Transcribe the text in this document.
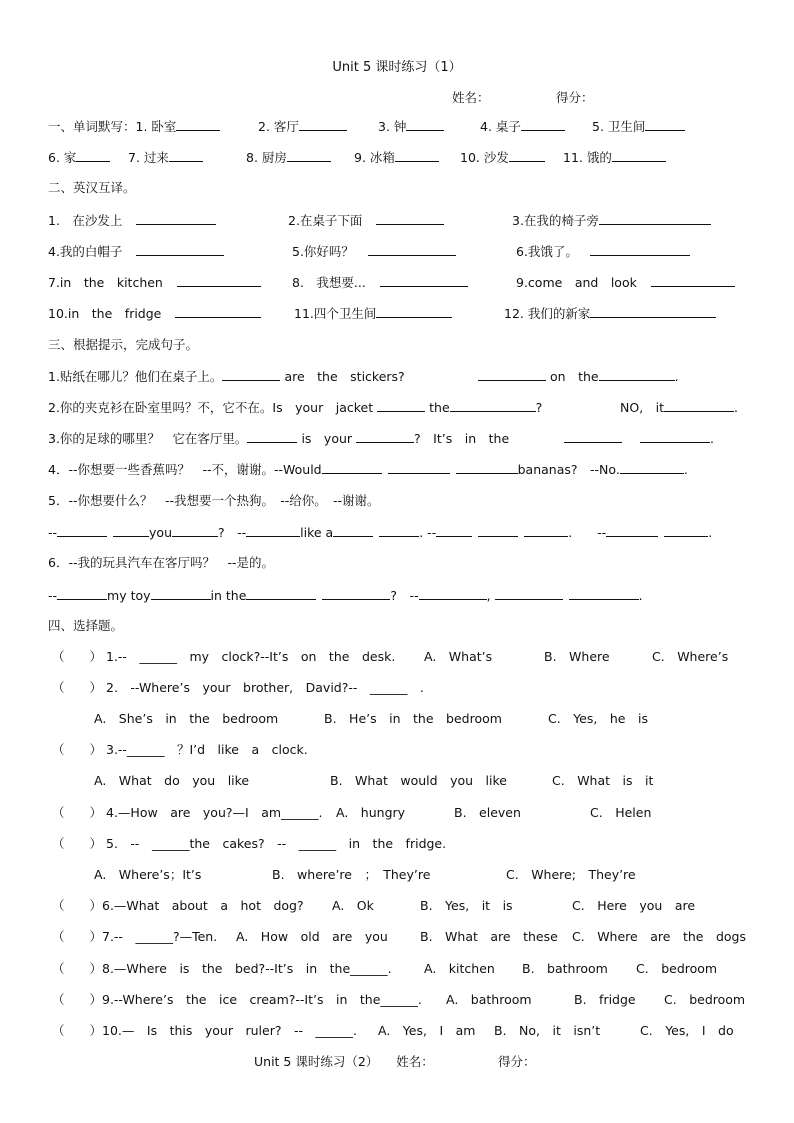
Unit 5 课时练习（1）
姓名：	得分：
一、单词默写：1. 卧室	2. 客厅	3. 钟	4. 桌子	5. 卫生间
6. 家	7. 过来	8. 厨房	9. 冰箱	10. 沙发	11. 饿的
二、英汉互译。
1.　在沙发上	2.在桌子下面	3.在我的椅子旁
4.我的白帽子	5.你好吗？	6.我饿了。
7.in　the　kitchen	8.　我想要...	9.come　and　look
10.in　the　fridge	11.四个卫生间	12. 我们的新家
三、根据提示，完成句子。
1.贴纸在哪儿？他们在桌子上。	are　the　stickers?	on　the	.
2.你的夹克衫在卧室里吗？不，它不在。Is　your　jacket	the	?	NO,　it	.
3.你的足球的哪里？　它在客厅里。	is　your	?　It’s　in　the	.
4．--你想要一些香蕉吗？　--不，谢谢。--Would	bananas?　--No.	.
5．--你想要什么？　--我想要一个热狗。　--给你。　--谢谢。
--	you	?　--	like a	. --	.　　--	.
6．--我的玩具汽车在客厅吗？　--是的。
--	my toy	in the	?　--	,	.
四、选择题。
（　　） 1.--　______　my　clock?--It’s　on　the　desk. A.　What’s	B.　Where	C.　Where’s
（　　） 2.　--Where’s　your　brother,　David?--　______　.
A.　She’s　in　the　bedroom	B.　He’s　in　the　bedroom	C.　Yes,　he　is
（　　） 3.--______　？I’d　like　a　clock.
A.　What　do　you　like	B.　What　would　you　like	C.　What　is　it
（　　） 4.—How　are　you?—I　am______. A.　hungry	B.　eleven	C.　Helen
（　　） 5.　--　______the　cakes?　--　______　in　the　fridge.
A.　Where’s；It’s	B.　where’re　；　They’re	C.　Where;　They’re
（　　） 6.—What　about　a　hot　dog? A.　Ok	B.　Yes,　it　is	C.　Here　you　are
（　　） 7.--　______?—Ten. A.　How　old　are　you	B.　What　are　these C.　Where　are　the　dogs
（　　） 8.—Where　is　the　bed?--It’s　in　the______.	A.　kitchen B.　bathroom C.　bedroom
（　　） 9.--Where’s　the　ice　cream?--It’s　in　the______. A.　bathroom	B.　fridge C.　bedroom
（　　） 10.—　Is　this　your　ruler?　--　______. A.　Yes,　I　am B.　No,　it　isn’t	C.　Yes,　I　do
Unit 5 课时练习（2） 姓名：	得分：
